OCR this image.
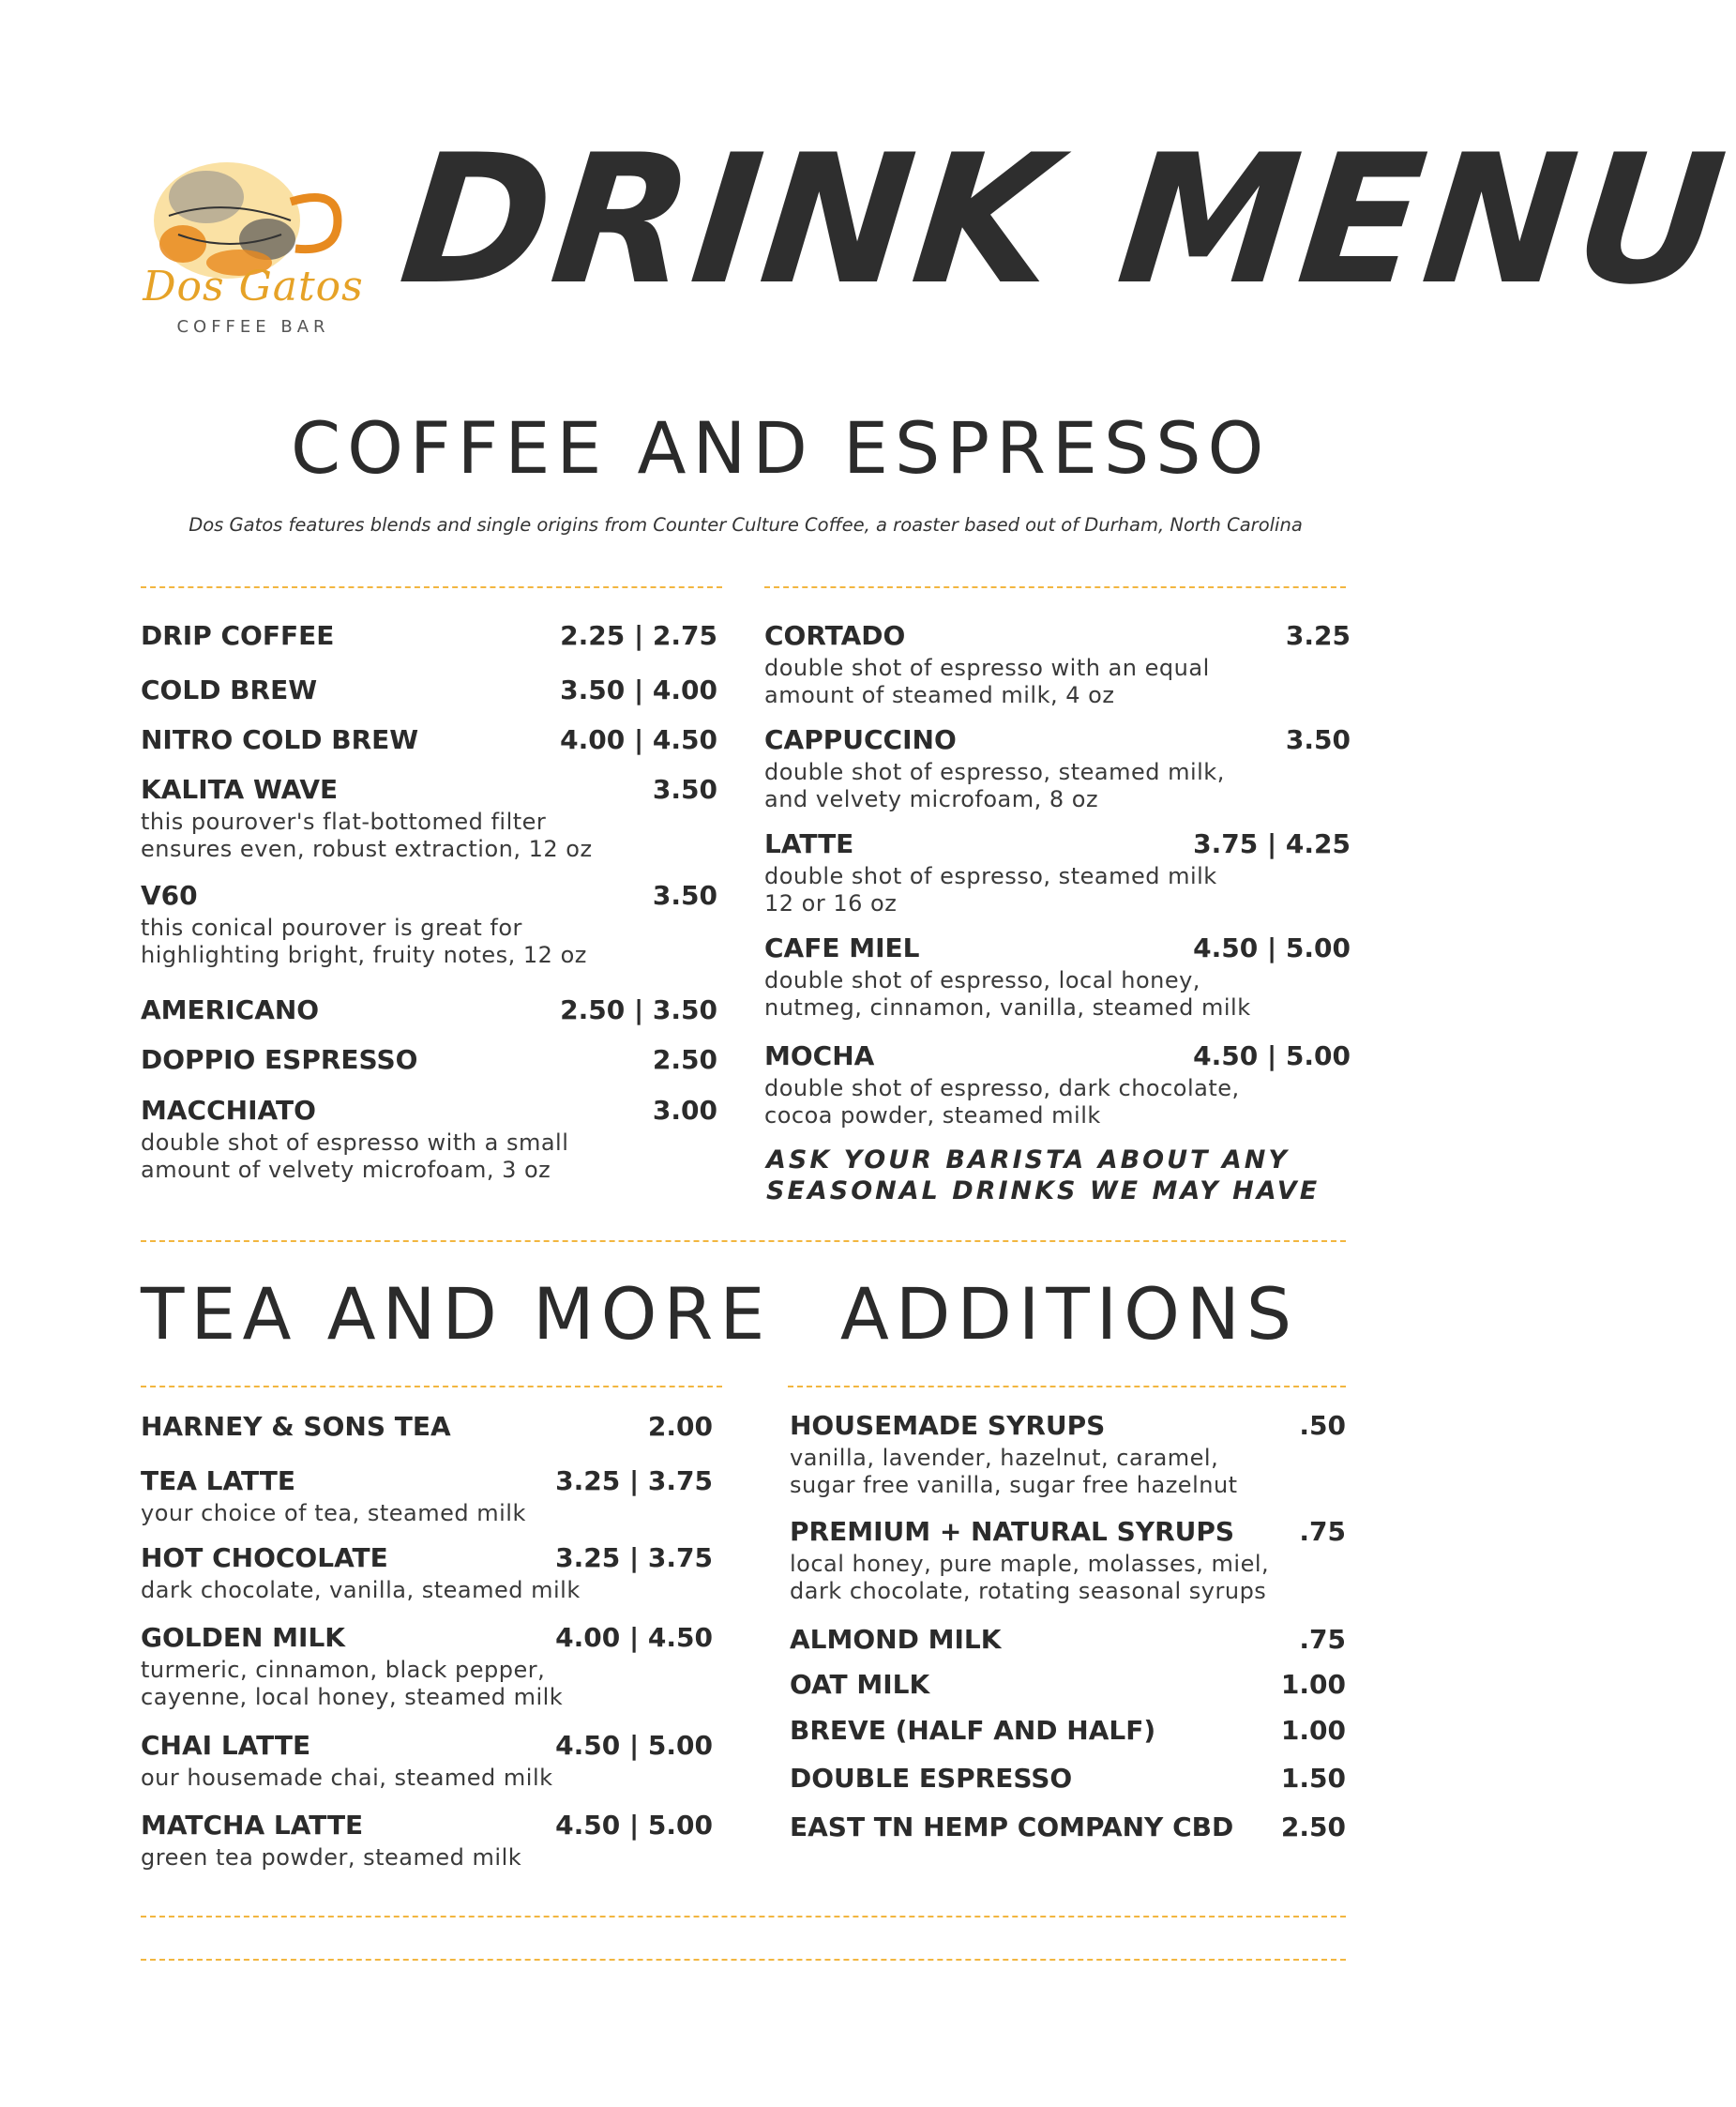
Dos Gatos
COFFEE BAR
DRINK MENU
COFFEE AND ESPRESSO
Dos Gatos features blends and single origins from Counter Culture Coffee, a roaster based out of Durham, North Carolina
DRIP COFFEE	2.25 | 2.75
COLD BREW	3.50 | 4.00
NITRO COLD BREW	4.00 | 4.50
KALITA WAVE	3.50
this pourover's flat-bottomed filter
ensures even, robust extraction, 12 oz
V60	3.50
this conical pourover is great for
highlighting bright, fruity notes, 12 oz
AMERICANO	2.50 | 3.50
DOPPIO ESPRESSO	2.50
MACCHIATO	3.00
double shot of espresso with a small
amount of velvety microfoam, 3 oz
CORTADO	3.25
double shot of espresso with an equal
amount of steamed milk, 4 oz
CAPPUCCINO	3.50
double shot of espresso, steamed milk,
and velvety microfoam, 8 oz
LATTE	3.75 | 4.25
double shot of espresso, steamed milk
12 or 16 oz
CAFE MIEL	4.50 | 5.00
double shot of espresso, local honey,
nutmeg, cinnamon, vanilla, steamed milk
MOCHA	4.50 | 5.00
double shot of espresso, dark chocolate,
cocoa powder, steamed milk
ASK YOUR BARISTA ABOUT ANY
SEASONAL DRINKS WE MAY HAVE
TEA AND MORE ADDITIONS
HARNEY & SONS TEA	2.00
TEA LATTE	3.25 | 3.75
your choice of tea, steamed milk
HOT CHOCOLATE	3.25 | 3.75
dark chocolate, vanilla, steamed milk
GOLDEN MILK	4.00 | 4.50
turmeric, cinnamon, black pepper,
cayenne, local honey, steamed milk
CHAI LATTE	4.50 | 5.00
our housemade chai, steamed milk
MATCHA LATTE	4.50 | 5.00
green tea powder, steamed milk
HOUSEMADE SYRUPS	.50
vanilla, lavender, hazelnut, caramel,
sugar free vanilla, sugar free hazelnut
PREMIUM + NATURAL SYRUPS .75
local honey, pure maple, molasses, miel,
dark chocolate, rotating seasonal syrups
ALMOND MILK	.75
OAT MILK	1.00
BREVE (HALF AND HALF)	1.00
DOUBLE ESPRESSO	1.50
EAST TN HEMP COMPANY CBD 2.50
